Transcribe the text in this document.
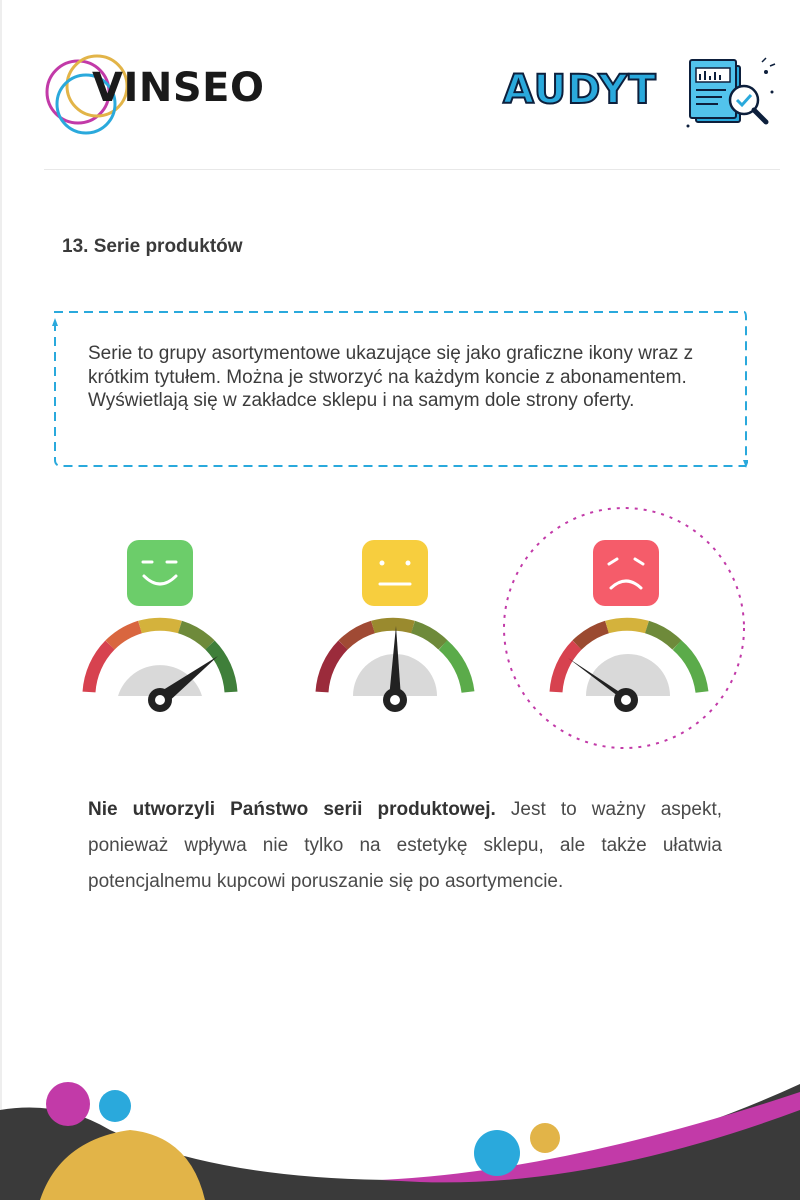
VINSEO	AUDYT
13. Serie produktów
Serie to grupy asortymentowe ukazujące się jako graficzne ikony wraz z krótkim tytułem. Można je stworzyć na każdym koncie z abonamentem. Wyświetlają się w zakładce sklepu i na samym dole strony oferty.
Nie utworzyli Państwo serii produktowej. Jest to ważny aspekt, ponieważ wpływa nie tylko na estetykę sklepu, ale także ułatwia potencjalnemu kupcowi poruszanie się po asortymencie.
